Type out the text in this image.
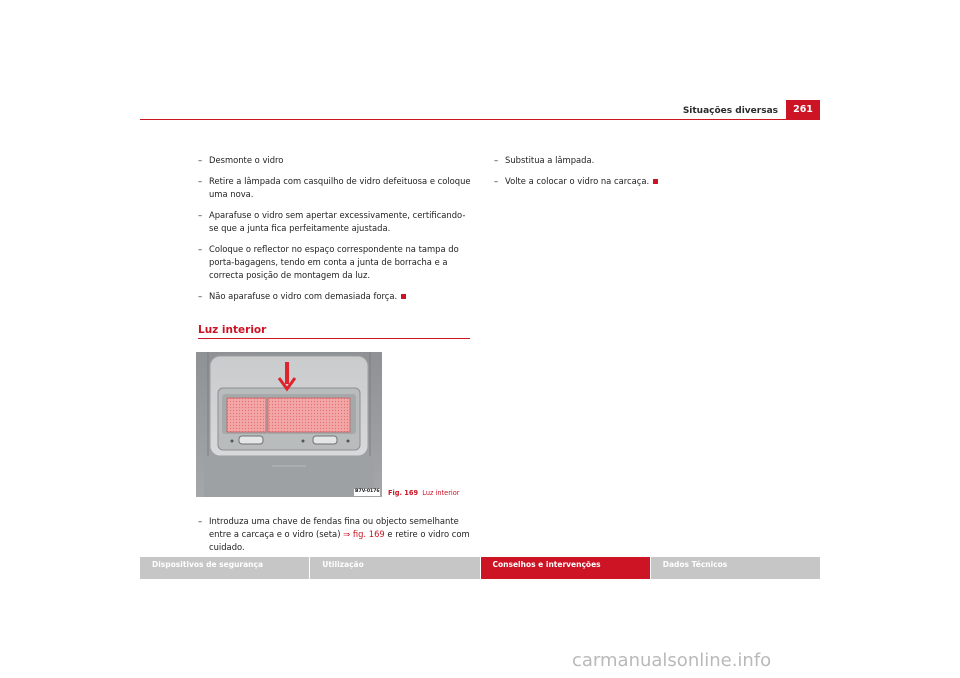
Situações diversas	261
– Desmonte o vidro
– Retire a lâmpada com casquilho de vidro defeituosa e coloque uma nova.
– Aparafuse o vidro sem apertar excessivamente, certificando-se que a junta fica perfeitamente ajustada.
– Coloque o reflector no espaço correspondente na tampa do porta-bagagens, tendo em conta a junta de borracha e a correcta posição de montagem da luz.
– Não aparafuse o vidro com demasiada força.
Luz interior
B7V-0176 Fig. 169 Luz interior
– Introduza uma chave de fendas fina ou objecto semelhante entre a carcaça e o vidro (seta) ⇒ fig. 169 e retire o vidro com cuidado.
– Substitua a lâmpada.
– Volte a colocar o vidro na carcaça.
Dispositivos de segurança	Utilização	Conselhos e intervenções	Dados Técnicos
carmanualsonline.info
